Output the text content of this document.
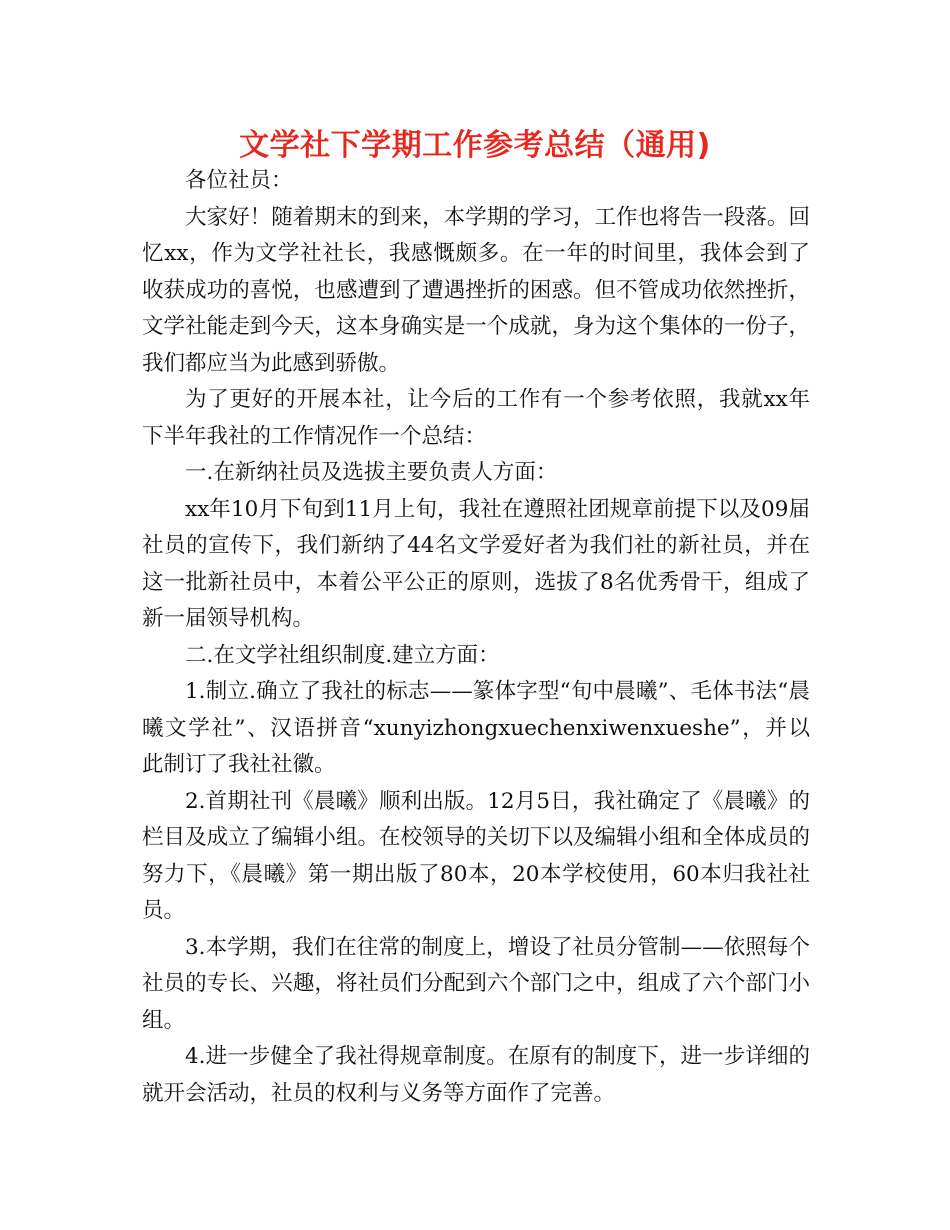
文学社下学期工作参考总结（通用)

各位社员：

大家好！随着期末的到来，本学期的学习，工作也将告一段落。回忆xx，作为文学社社长，我感慨颇多。在一年的时间里，我体会到了收获成功的喜悦，也感遭到了遭遇挫折的困惑。但不管成功依然挫折，文学社能走到今天，这本身确实是一个成就，身为这个集体的一份子，我们都应当为此感到骄傲。

为了更好的开展本社，让今后的工作有一个参考依照，我就xx年下半年我社的工作情况作一个总结：

一.在新纳社员及选拔主要负责人方面：

xx年10月下旬到11月上旬，我社在遵照社团规章前提下以及09届社员的宣传下，我们新纳了44名文学爱好者为我们社的新社员，并在这一批新社员中，本着公平公正的原则，选拔了8名优秀骨干，组成了新一届领导机构。

二.在文学社组织制度.建立方面：

1.制立.确立了我社的标志——篆体字型“旬中晨曦”、毛体书法“晨曦文学社”、汉语拼音“xunyizhongxuechenxiwenxueshe”，并以此制订了我社社徽。

2.首期社刊《晨曦》顺利出版。12月5日，我社确定了《晨曦》的栏目及成立了编辑小组。在校领导的关切下以及编辑小组和全体成员的努力下，《晨曦》第一期出版了80本，20本学校使用，60本归我社社员。

3.本学期，我们在往常的制度上，增设了社员分管制——依照每个社员的专长、兴趣，将社员们分配到六个部门之中，组成了六个部门小组。

4.进一步健全了我社得规章制度。在原有的制度下，进一步详细的就开会活动，社员的权利与义务等方面作了完善。
